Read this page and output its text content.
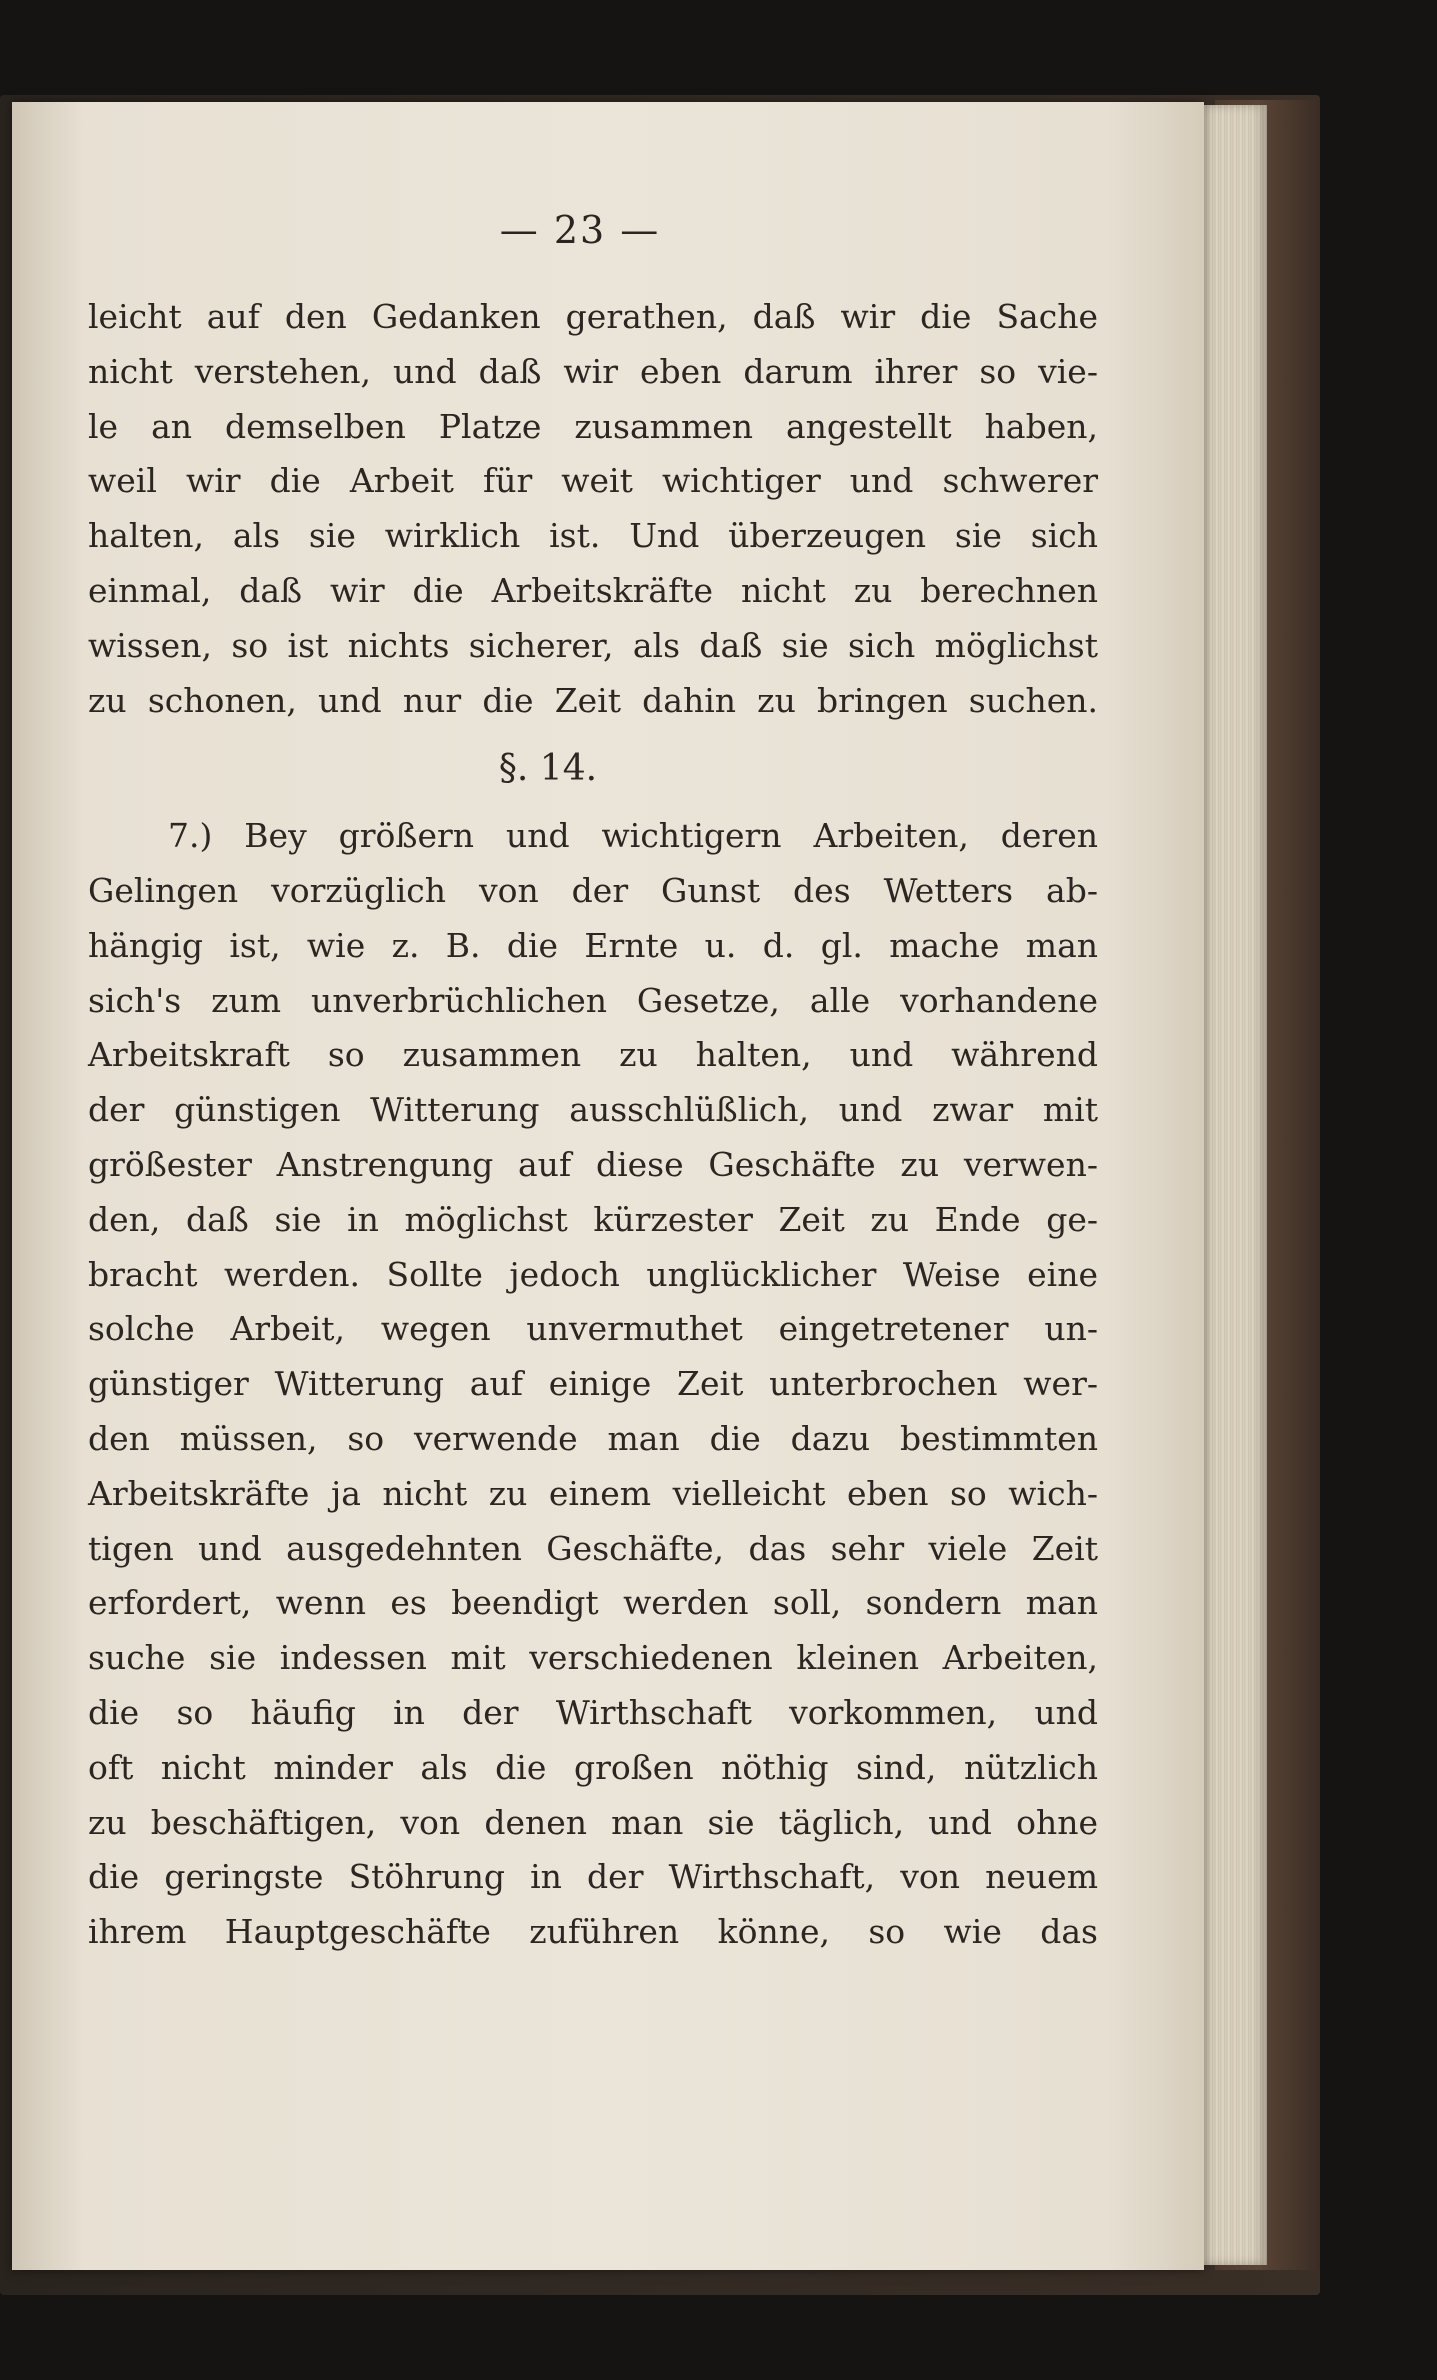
— 23 —
leicht auf den Gedanken gerathen, daß wir die Sache
nicht verstehen, und daß wir eben darum ihrer so vie-
le an demselben Platze zusammen angestellt haben,
weil wir die Arbeit für weit wichtiger und schwerer
halten, als sie wirklich ist. Und überzeugen sie sich
einmal, daß wir die Arbeitskräfte nicht zu berechnen
wissen, so ist nichts sicherer, als daß sie sich möglichst
zu schonen, und nur die Zeit dahin zu bringen suchen.
§. 14.
7.) Bey größern und wichtigern Arbeiten, deren
Gelingen vorzüglich von der Gunst des Wetters ab-
hängig ist, wie z. B. die Ernte u. d. gl. mache man
sich's zum unverbrüchlichen Gesetze, alle vorhandene
Arbeitskraft so zusammen zu halten, und während
der günstigen Witterung ausschlüßlich, und zwar mit
größester Anstrengung auf diese Geschäfte zu verwen-
den, daß sie in möglichst kürzester Zeit zu Ende ge-
bracht werden. Sollte jedoch unglücklicher Weise eine
solche Arbeit, wegen unvermuthet eingetretener un-
günstiger Witterung auf einige Zeit unterbrochen wer-
den müssen, so verwende man die dazu bestimmten
Arbeitskräfte ja nicht zu einem vielleicht eben so wich-
tigen und ausgedehnten Geschäfte, das sehr viele Zeit
erfordert, wenn es beendigt werden soll, sondern man
suche sie indessen mit verschiedenen kleinen Arbeiten,
die so häufig in der Wirthschaft vorkommen, und
oft nicht minder als die großen nöthig sind, nützlich
zu beschäftigen, von denen man sie täglich, und ohne
die geringste Stöhrung in der Wirthschaft, von neuem
ihrem Hauptgeschäfte zuführen könne, so wie das
